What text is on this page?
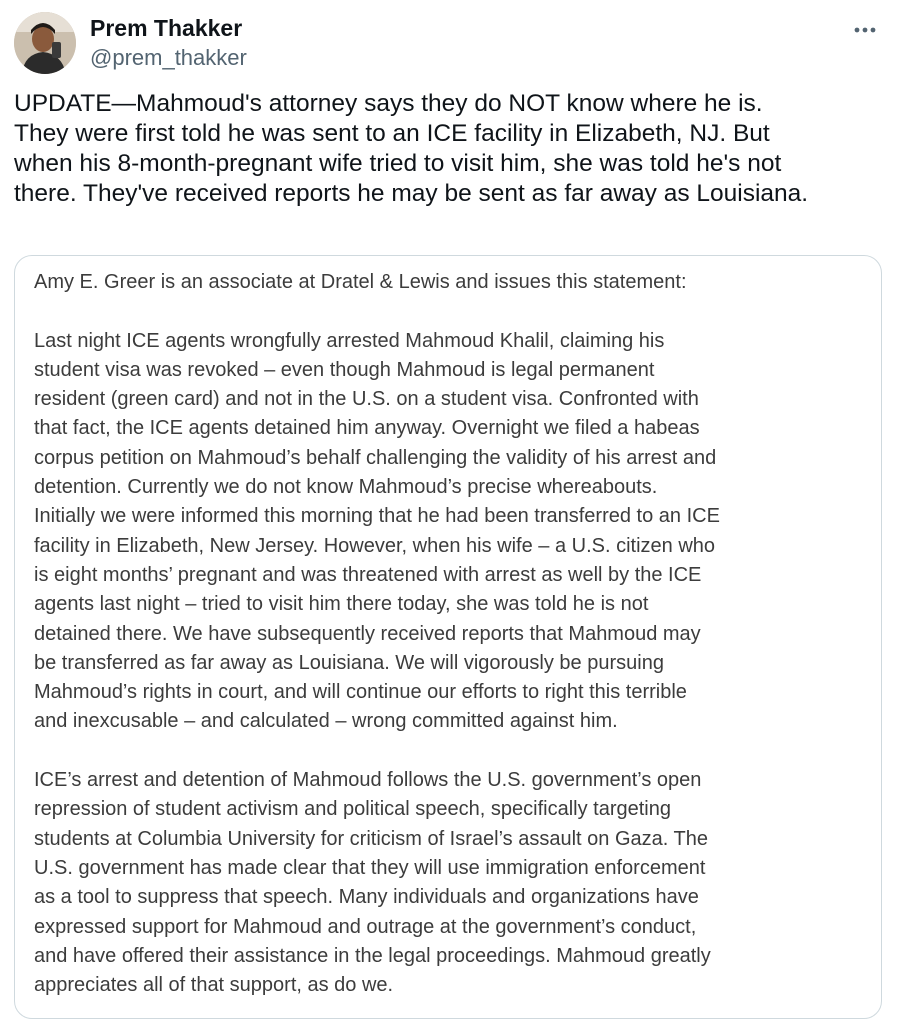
Prem Thakker
@prem_thakker
UPDATE—Mahmoud's attorney says they do NOT know where he is.
They were first told he was sent to an ICE facility in Elizabeth, NJ. But
when his 8-month-pregnant wife tried to visit him, she was told he's not
there. They've received reports he may be sent as far away as Louisiana.
Amy E. Greer is an associate at Dratel & Lewis and issues this statement:

Last night ICE agents wrongfully arrested Mahmoud Khalil, claiming his
student visa was revoked – even though Mahmoud is legal permanent
resident (green card) and not in the U.S. on a student visa. Confronted with
that fact, the ICE agents detained him anyway. Overnight we filed a habeas
corpus petition on Mahmoud’s behalf challenging the validity of his arrest and
detention. Currently we do not know Mahmoud’s precise whereabouts.
Initially we were informed this morning that he had been transferred to an ICE
facility in Elizabeth, New Jersey. However, when his wife – a U.S. citizen who
is eight months’ pregnant and was threatened with arrest as well by the ICE
agents last night – tried to visit him there today, she was told he is not
detained there. We have subsequently received reports that Mahmoud may
be transferred as far away as Louisiana. We will vigorously be pursuing
Mahmoud’s rights in court, and will continue our efforts to right this terrible
and inexcusable – and calculated – wrong committed against him.

ICE’s arrest and detention of Mahmoud follows the U.S. government’s open
repression of student activism and political speech, specifically targeting
students at Columbia University for criticism of Israel’s assault on Gaza. The
U.S. government has made clear that they will use immigration enforcement
as a tool to suppress that speech. Many individuals and organizations have
expressed support for Mahmoud and outrage at the government’s conduct,
and have offered their assistance in the legal proceedings. Mahmoud greatly
appreciates all of that support, as do we.
